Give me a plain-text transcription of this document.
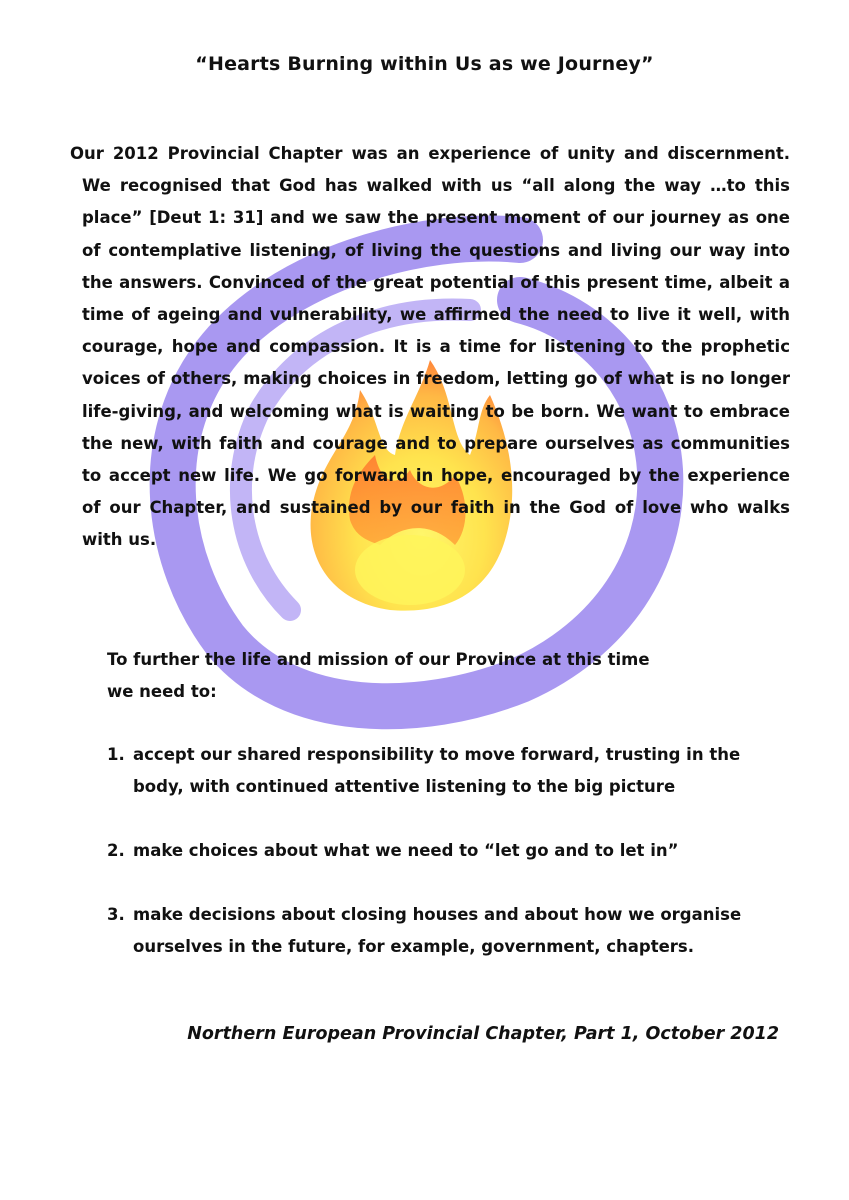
“Hearts Burning within Us as we Journey”

Our 2012 Provincial Chapter was an experience of unity and discernment. We recognised that God has walked with us “all along the way …to this place” [Deut 1: 31] and we saw the present moment of our journey as one of contemplative listening, of living the questions and living our way into the answers. Convinced of the great potential of this present time, albeit a time of ageing and vulnerability, we affirmed the need to live it well, with courage, hope and compassion. It is a time for listening to the prophetic voices of others, making choices in freedom, letting go of what is no longer life-giving, and welcoming what is waiting to be born. We want to embrace the new, with faith and courage and to prepare ourselves as communities to accept new life. We go forward in hope, encouraged by the experience of our Chapter, and sustained by our faith in the God of love who walks with us.

To further the life and mission of our Province at this time
we need to:
1. accept our shared responsibility to move forward, trusting in the body, with continued attentive listening to the big picture
2. make choices about what we need to “let go and to let in”
3. make decisions about closing houses and about how we organise ourselves in the future, for example, government, chapters.
Northern European Provincial Chapter, Part 1, October 2012
